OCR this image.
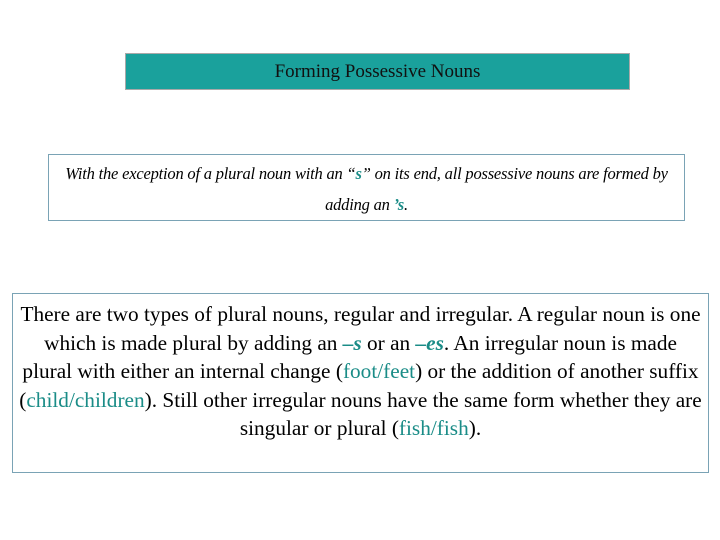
Forming Possessive Nouns
With the exception of a plural noun with an “s” on its end, all possessive nouns are formed by adding an ’s.
There are two types of plural nouns, regular and irregular. A regular noun is one which is made plural by adding an –s or an –es. An irregular noun is made plural with either an internal change (foot/feet) or the addition of another suffix (child/children). Still other irregular nouns have the same form whether they are singular or plural (fish/fish).
